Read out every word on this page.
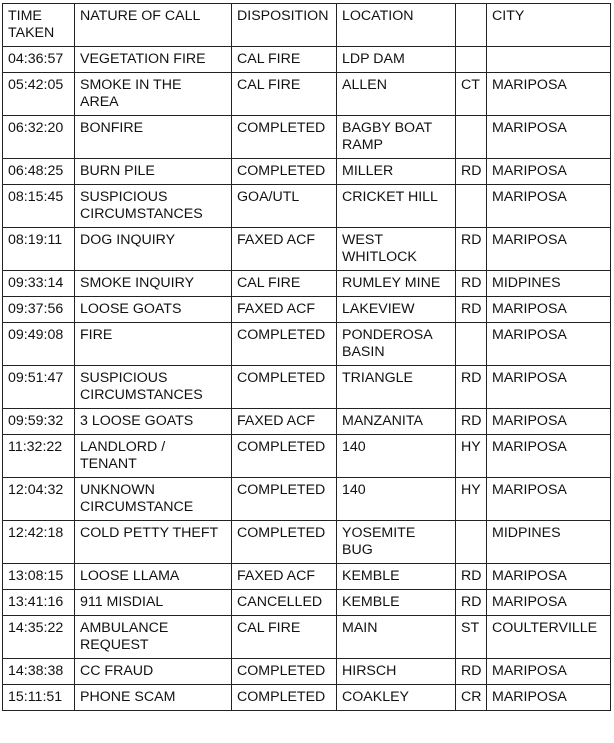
TIME
TAKEN	NATURE OF CALL	DISPOSITION	LOCATION		CITY
04:36:57	VEGETATION FIRE	CAL FIRE	LDP DAM		
05:42:05	SMOKE IN THE
AREA	CAL FIRE	ALLEN	CT	MARIPOSA
06:32:20	BONFIRE	COMPLETED	BAGBY BOAT
RAMP		MARIPOSA
06:48:25	BURN PILE	COMPLETED	MILLER	RD	MARIPOSA
08:15:45	SUSPICIOUS
CIRCUMSTANCES	GOA/UTL	CRICKET HILL		MARIPOSA
08:19:11	DOG INQUIRY	FAXED ACF	WEST
WHITLOCK	RD	MARIPOSA
09:33:14	SMOKE INQUIRY	CAL FIRE	RUMLEY MINE	RD	MIDPINES
09:37:56	LOOSE GOATS	FAXED ACF	LAKEVIEW	RD	MARIPOSA
09:49:08	FIRE	COMPLETED	PONDEROSA
BASIN		MARIPOSA
09:51:47	SUSPICIOUS
CIRCUMSTANCES	COMPLETED	TRIANGLE	RD	MARIPOSA
09:59:32	3 LOOSE GOATS	FAXED ACF	MANZANITA	RD	MARIPOSA
11:32:22	LANDLORD /
TENANT	COMPLETED	140	HY	MARIPOSA
12:04:32	UNKNOWN
CIRCUMSTANCE	COMPLETED	140	HY	MARIPOSA
12:42:18	COLD PETTY THEFT	COMPLETED	YOSEMITE
BUG		MIDPINES
13:08:15	LOOSE LLAMA	FAXED ACF	KEMBLE	RD	MARIPOSA
13:41:16	911 MISDIAL	CANCELLED	KEMBLE	RD	MARIPOSA
14:35:22	AMBULANCE
REQUEST	CAL FIRE	MAIN	ST	COULTERVILLE
14:38:38	CC FRAUD	COMPLETED	HIRSCH	RD	MARIPOSA
15:11:51	PHONE SCAM	COMPLETED	COAKLEY	CR	MARIPOSA
